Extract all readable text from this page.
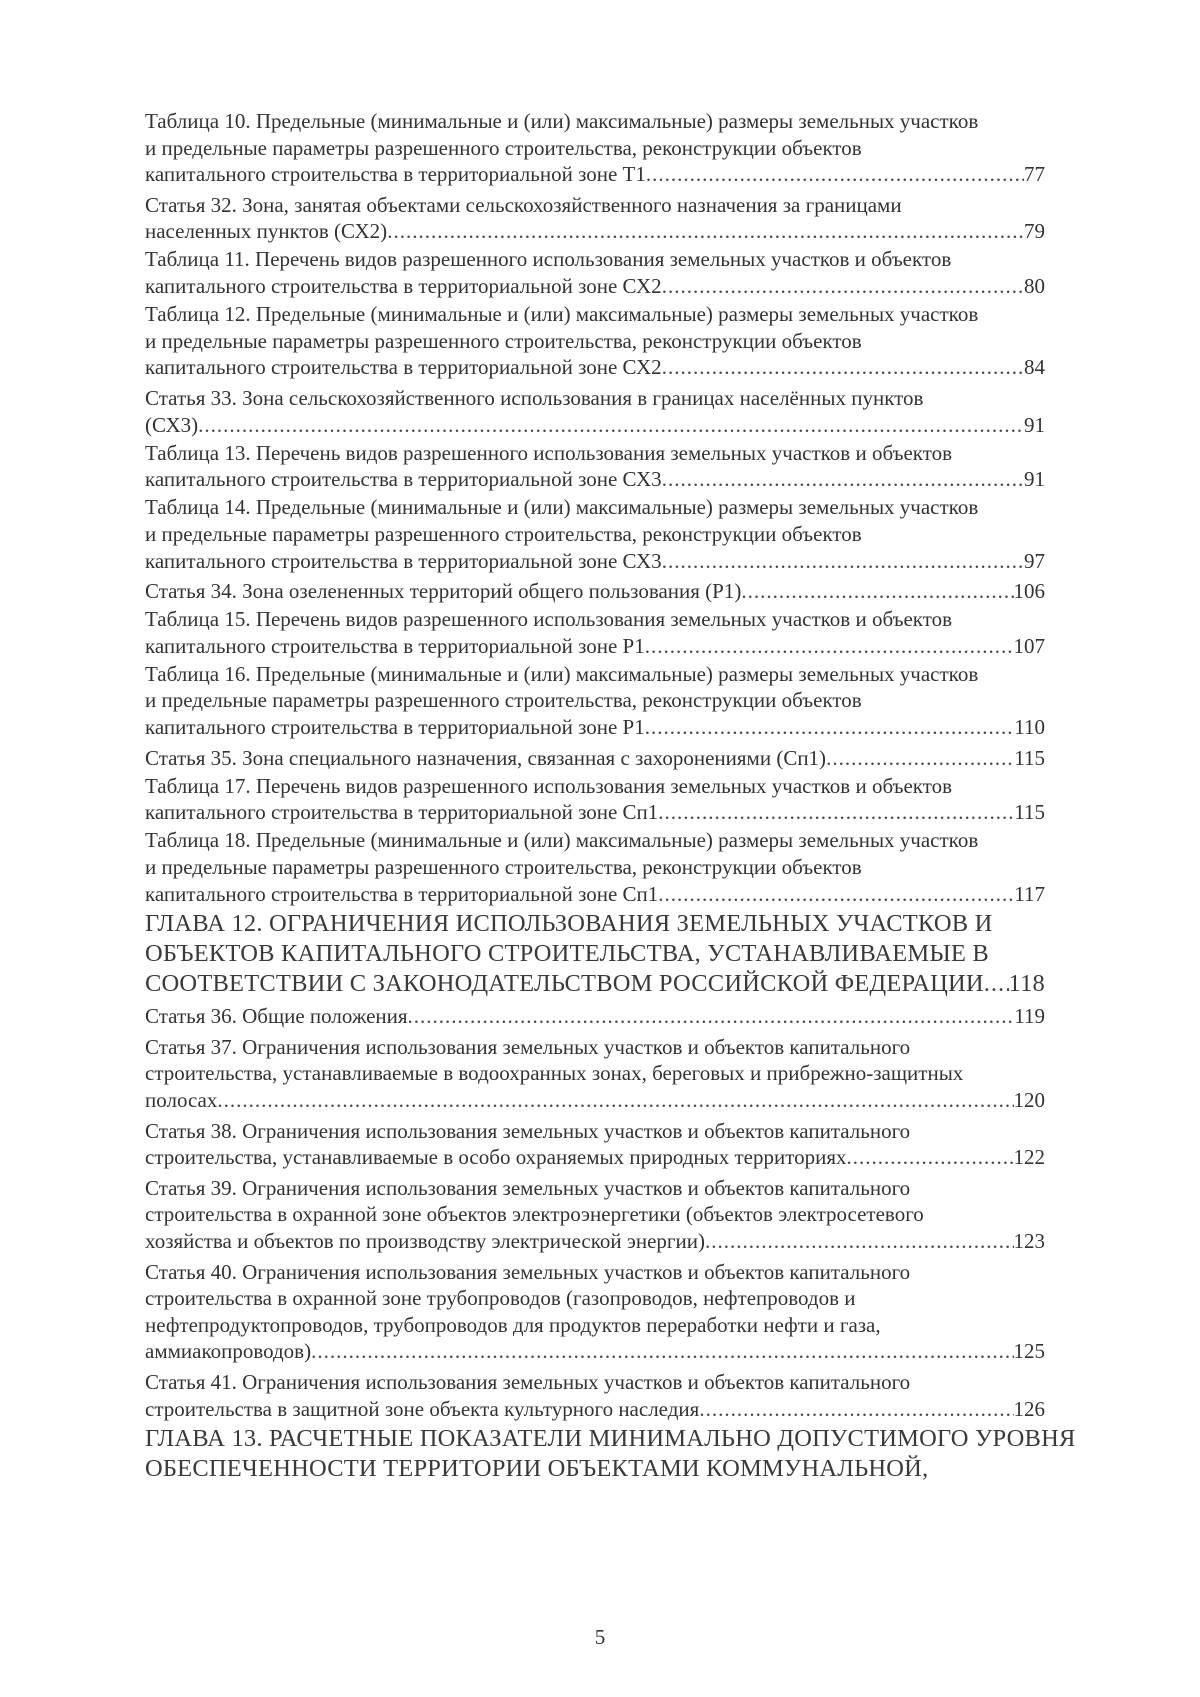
Таблица 10. Предельные (минимальные и (или) максимальные) размеры земельных участков
и предельные параметры разрешенного строительства, реконструкции объектов
капитального строительства в территориальной зоне Т1 .....	77
Статья 32. Зона, занятая объектами сельскохозяйственного назначения за границами
населенных пунктов (СХ2) .....	79
Таблица 11. Перечень видов разрешенного использования земельных участков и объектов
капитального строительства в территориальной зоне СХ2 .....	80
Таблица 12. Предельные (минимальные и (или) максимальные) размеры земельных участков
и предельные параметры разрешенного строительства, реконструкции объектов
капитального строительства в территориальной зоне СХ2 .....	84
Статья 33. Зона сельскохозяйственного использования в границах населённых пунктов
(СХ3) .....	91
Таблица 13. Перечень видов разрешенного использования земельных участков и объектов
капитального строительства в территориальной зоне СХ3 .....	91
Таблица 14. Предельные (минимальные и (или) максимальные) размеры земельных участков
и предельные параметры разрешенного строительства, реконструкции объектов
капитального строительства в территориальной зоне СХ3 .....	97
Статья 34. Зона озелененных территорий общего пользования (Р1) .....	106
Таблица 15. Перечень видов разрешенного использования земельных участков и объектов
капитального строительства в территориальной зоне Р1 .....	107
Таблица 16. Предельные (минимальные и (или) максимальные) размеры земельных участков
и предельные параметры разрешенного строительства, реконструкции объектов
капитального строительства в территориальной зоне Р1 .....	110
Статья 35. Зона специального назначения, связанная с захоронениями (Сп1) .....	115
Таблица 17. Перечень видов разрешенного использования земельных участков и объектов
капитального строительства в территориальной зоне Сп1 .....	115
Таблица 18. Предельные (минимальные и (или) максимальные) размеры земельных участков
и предельные параметры разрешенного строительства, реконструкции объектов
капитального строительства в территориальной зоне Сп1 .....	117
ГЛАВА 12. ОГРАНИЧЕНИЯ ИСПОЛЬЗОВАНИЯ ЗЕМЕЛЬНЫХ УЧАСТКОВ И
ОБЪЕКТОВ КАПИТАЛЬНОГО СТРОИТЕЛЬСТВА, УСТАНАВЛИВАЕМЫЕ В
СООТВЕТСТВИИ С ЗАКОНОДАТЕЛЬСТВОМ РОССИЙСКОЙ ФЕДЕРАЦИИ ..... 118
Статья 36. Общие положения .....	119
Статья 37. Ограничения использования земельных участков и объектов капитального
строительства, устанавливаемые в водоохранных зонах, береговых и прибрежно-защитных
полосах .....	120
Статья 38. Ограничения использования земельных участков и объектов капитального
строительства, устанавливаемые в особо охраняемых природных территориях .....	122
Статья 39. Ограничения использования земельных участков и объектов капитального
строительства в охранной зоне объектов электроэнергетики (объектов электросетевого
хозяйства и объектов по производству электрической энергии) .....	123
Статья 40. Ограничения использования земельных участков и объектов капитального
строительства в охранной зоне трубопроводов (газопроводов, нефтепроводов и
нефтепродуктопроводов, трубопроводов для продуктов переработки нефти и газа,
аммиакопроводов) .....	125
Статья 41. Ограничения использования земельных участков и объектов капитального
строительства в защитной зоне объекта культурного наследия .....	126
ГЛАВА 13. РАСЧЕТНЫЕ ПОКАЗАТЕЛИ МИНИМАЛЬНО ДОПУСТИМОГО УРОВНЯ
ОБЕСПЕЧЕННОСТИ ТЕРРИТОРИИ ОБЪЕКТАМИ КОММУНАЛЬНОЙ,
5
